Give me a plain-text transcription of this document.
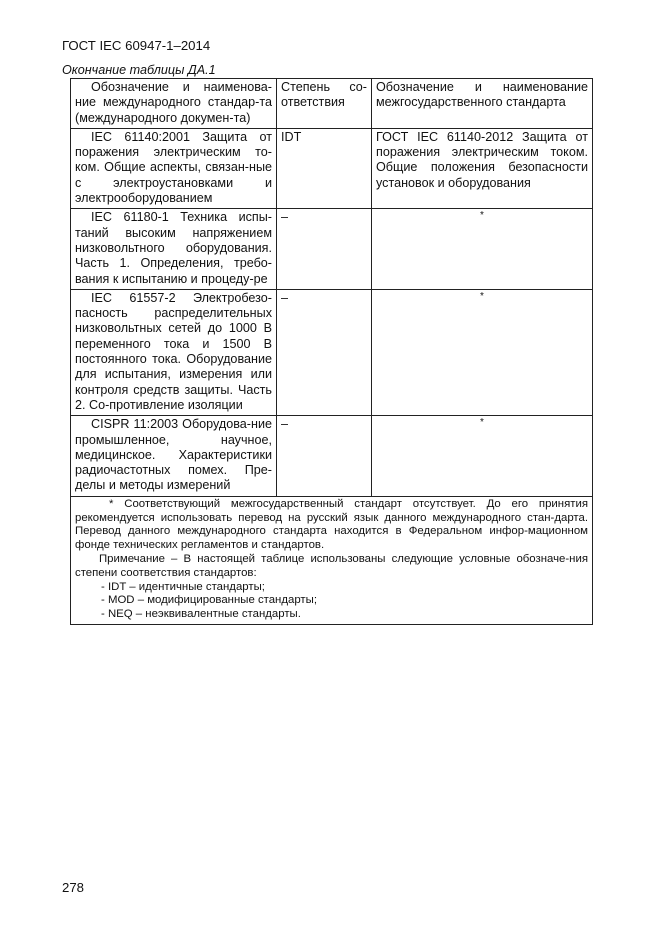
ГОСТ IEC 60947-1–2014
Окончание таблицы ДА.1
Обозначение и наименова-ние международного стандар-та (международного докумен-та)	Степень со-ответствия	Обозначение и наименование межгосударственного стандарта
IEC 61140:2001 Защита от поражения электрическим то-ком. Общие аспекты, связан-ные с электроустановками и электрооборудованием	IDT	ГОСТ IEC 61140-2012 Защита от поражения электрическим током. Общие положения безопасности установок и оборудования
IEC 61180-1 Техника испы-таний высоким напряжением низковольтного оборудования. Часть 1. Определения, требо-вания к испытанию и процеду-ре	–	*

IEC 61557-2 Электробезо-пасность распределительных низковольтных сетей до 1000 В переменного тока и 1500 В постоянного тока. Оборудование для испытания, измерения или контроля средств защиты. Часть 2. Со-противление изоляции	–	*

CISPR 11:2003 Оборудова-ние промышленное, научное, медицинское. Характеристики радиочастотных помех. Пре-делы и методы измерений	–	*

* Соответствующий межгосударственный стандарт отсутствует. До его принятия рекомендуется использовать перевод на русский язык данного международного стан-дарта. Перевод данного международного стандарта находится в Федеральном инфор-мационном фонде технических регламентов и стандартов.

Примечание – В настоящей таблице использованы следующие условные обозначе-ния степени соответствия стандартов:

- IDT – идентичные стандарты;

- MOD – модифицированные стандарты;

- NEQ – неэквивалентные стандарты.		

278
